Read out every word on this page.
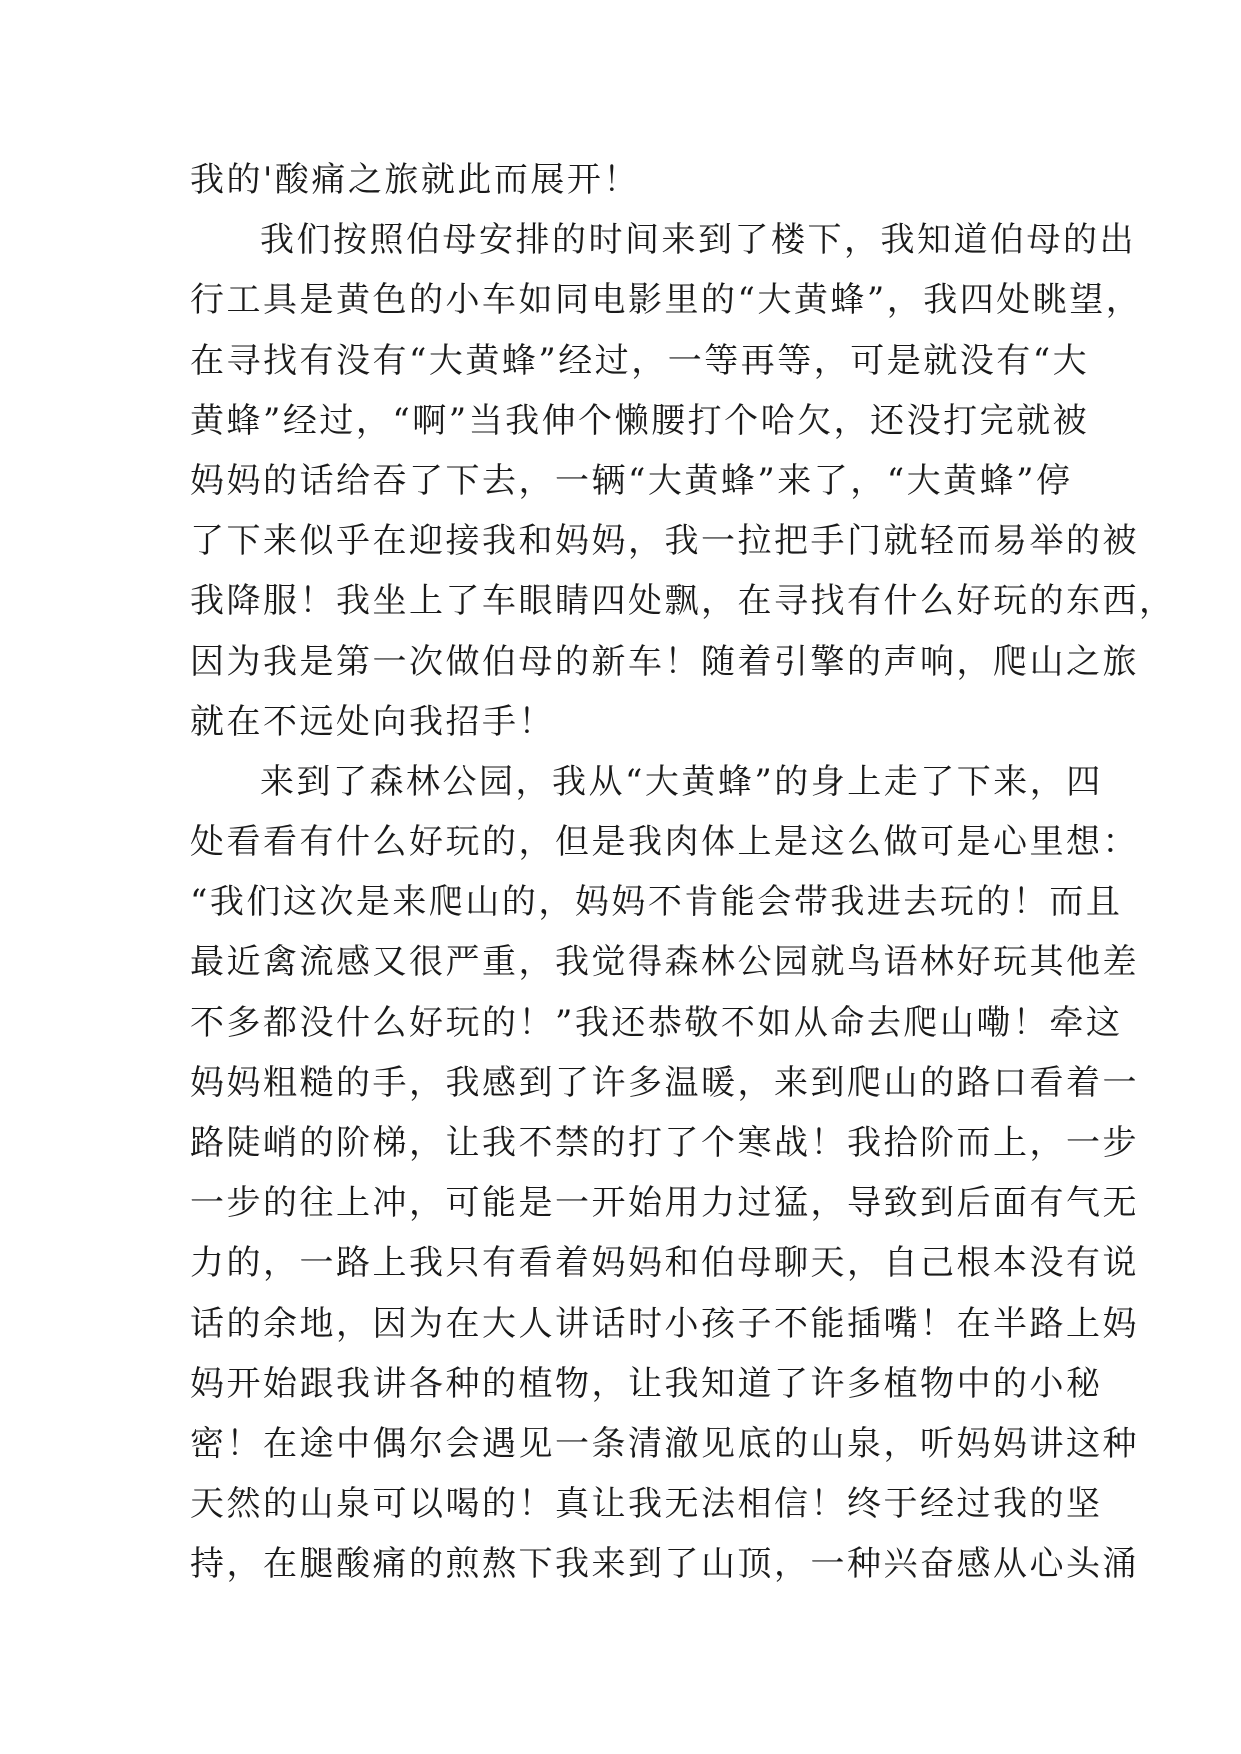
我的'酸痛之旅就此而展开！
我们按照伯母安排的时间来到了楼下，我知道伯母的出
行工具是黄色的小车如同电影里的“大黄蜂”，我四处眺望，
在寻找有没有“大黄蜂”经过，一等再等，可是就没有“大
黄蜂”经过，“啊”当我伸个懒腰打个哈欠，还没打完就被
妈妈的话给吞了下去，一辆“大黄蜂”来了，“大黄蜂”停
了下来似乎在迎接我和妈妈，我一拉把手门就轻而易举的被
我降服！我坐上了车眼睛四处飘，在寻找有什么好玩的东西，
因为我是第一次做伯母的新车！随着引擎的声响，爬山之旅
就在不远处向我招手！
来到了森林公园，我从“大黄蜂”的身上走了下来，四
处看看有什么好玩的，但是我肉体上是这么做可是心里想：
“我们这次是来爬山的，妈妈不肯能会带我进去玩的！而且
最近禽流感又很严重，我觉得森林公园就鸟语林好玩其他差
不多都没什么好玩的！”我还恭敬不如从命去爬山嘞！牵这
妈妈粗糙的手，我感到了许多温暖，来到爬山的路口看着一
路陡峭的阶梯，让我不禁的打了个寒战！我拾阶而上，一步
一步的往上冲，可能是一开始用力过猛，导致到后面有气无
力的，一路上我只有看着妈妈和伯母聊天，自己根本没有说
话的余地，因为在大人讲话时小孩子不能插嘴！在半路上妈
妈开始跟我讲各种的植物，让我知道了许多植物中的小秘
密！在途中偶尔会遇见一条清澈见底的山泉，听妈妈讲这种
天然的山泉可以喝的！真让我无法相信！终于经过我的坚
持，在腿酸痛的煎熬下我来到了山顶，一种兴奋感从心头涌
